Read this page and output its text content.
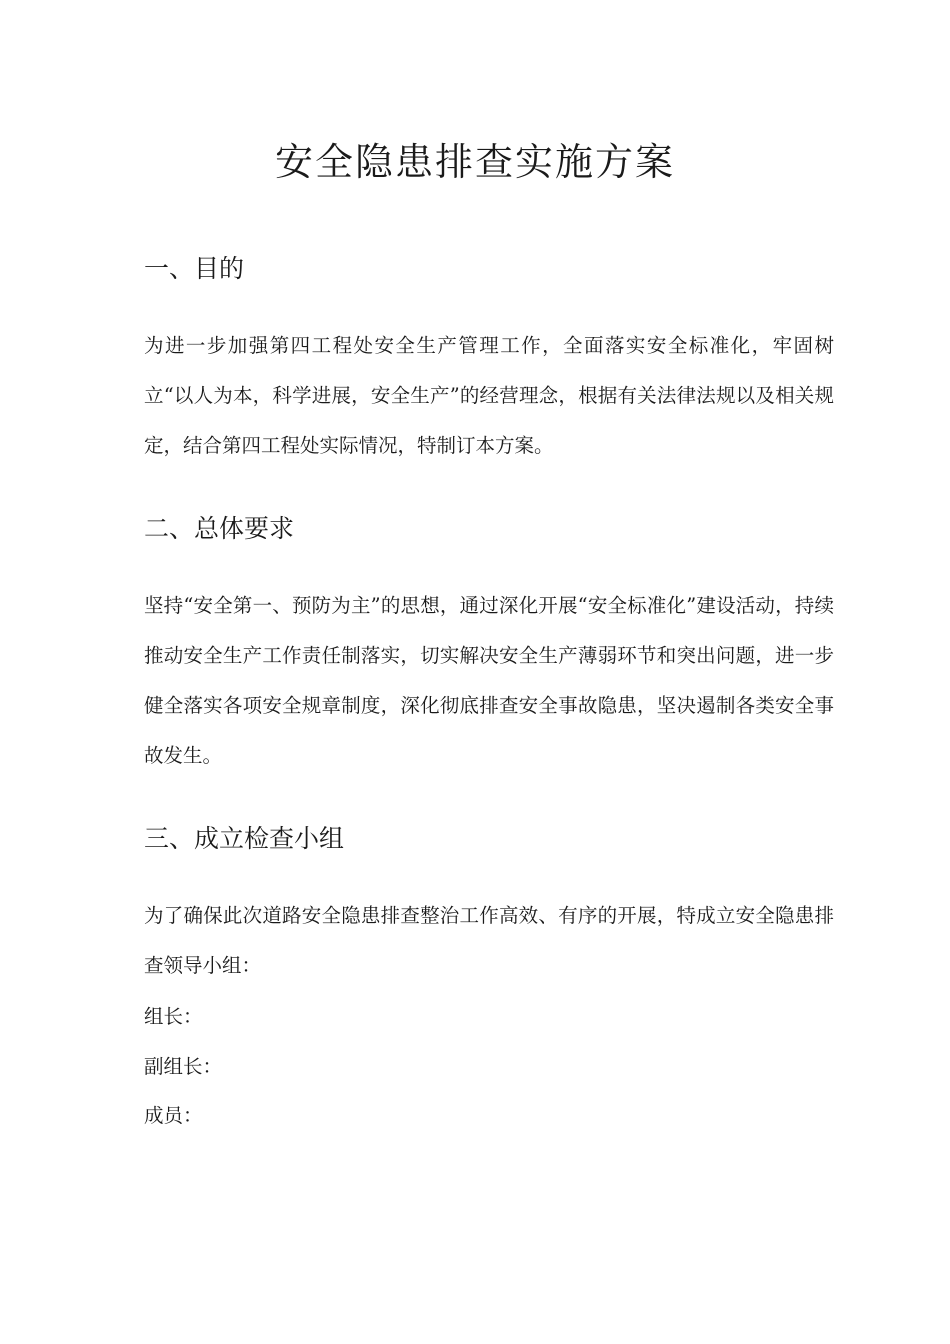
安全隐患排查实施方案
一、目的

为进一步加强第四工程处安全生产管理工作，全面落实安全标准化，牢固树立“以人为本，科学进展，安全生产”的经营理念，根据有关法律法规以及相关规定，结合第四工程处实际情况，特制订本方案。

二、总体要求

坚持“安全第一、预防为主”的思想，通过深化开展“安全标准化”建设活动，持续推动安全生产工作责任制落实，切实解决安全生产薄弱环节和突出问题，进一步健全落实各项安全规章制度，深化彻底排查安全事故隐患，坚决遏制各类安全事故发生。

三、成立检查小组

为了确保此次道路安全隐患排查整治工作高效、有序的开展，特成立安全隐患排查领导小组：

组长：
副组长：
成员：
